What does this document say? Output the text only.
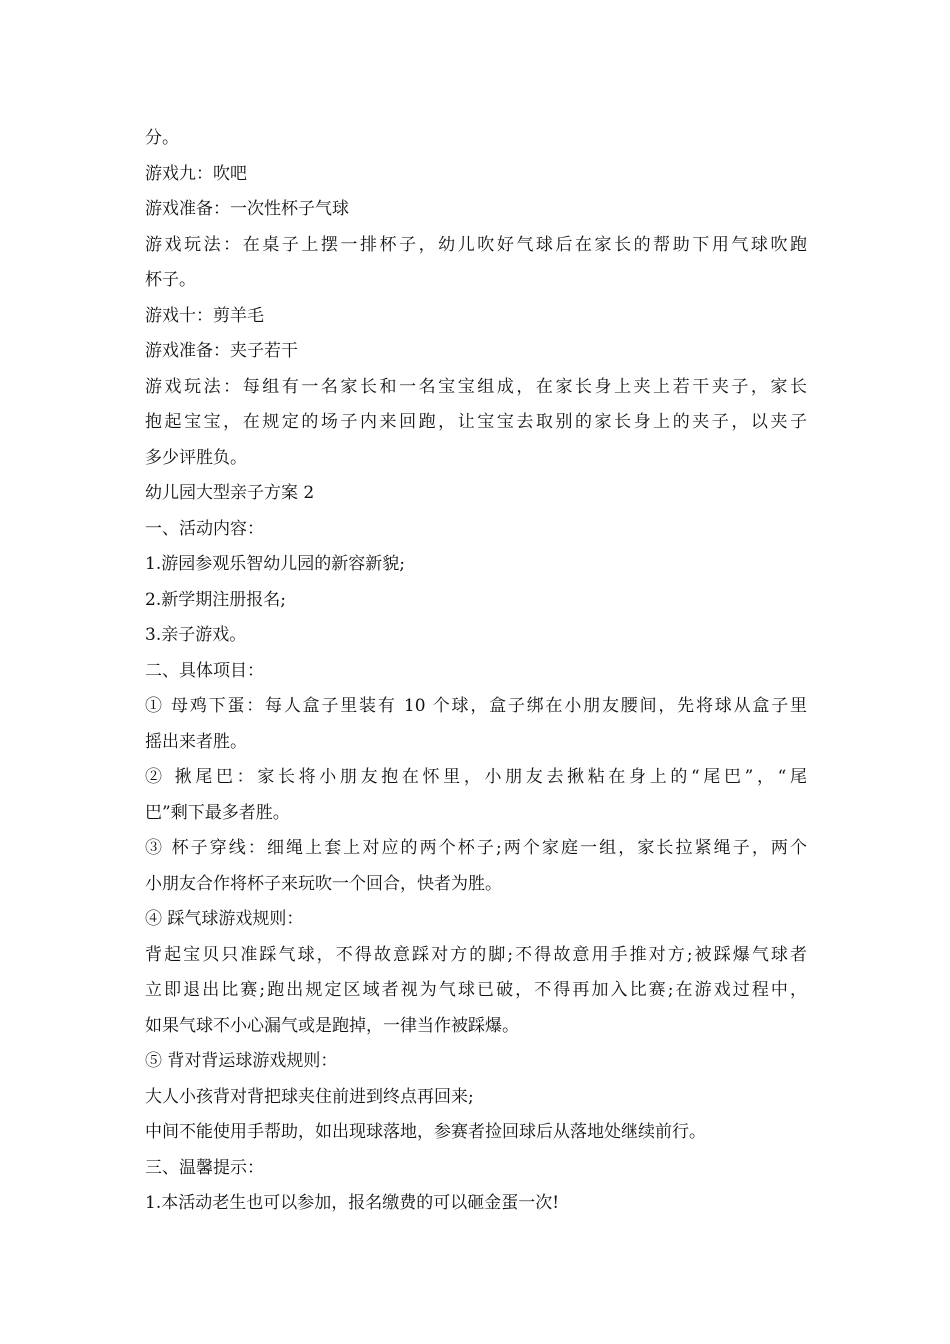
分。

游戏九：吹吧

游戏准备：一次性杯子气球

游戏玩法：在桌子上摆一排杯子，幼儿吹好气球后在家长的帮助下用气球吹跑

杯子。

游戏十：剪羊毛

游戏准备：夹子若干

游戏玩法：每组有一名家长和一名宝宝组成，在家长身上夹上若干夹子，家长

抱起宝宝，在规定的场子内来回跑，让宝宝去取别的家长身上的夹子，以夹子

多少评胜负。

幼儿园大型亲子方案 2

一、活动内容：

1.游园参观乐智幼儿园的新容新貌;

2.新学期注册报名;

3.亲子游戏。

二、具体项目：

① 母鸡下蛋：每人盒子里装有 10 个球，盒子绑在小朋友腰间，先将球从盒子里

摇出来者胜。

② 揪尾巴：家长将小朋友抱在怀里，小朋友去揪粘在身上的“尾巴”，“尾

巴”剩下最多者胜。

③ 杯子穿线：细绳上套上对应的两个杯子;两个家庭一组，家长拉紧绳子，两个

小朋友合作将杯子来玩吹一个回合，快者为胜。

④ 踩气球游戏规则：

背起宝贝只准踩气球，不得故意踩对方的脚;不得故意用手推对方;被踩爆气球者

立即退出比赛;跑出规定区域者视为气球已破，不得再加入比赛;在游戏过程中，

如果气球不小心漏气或是跑掉，一律当作被踩爆。

⑤ 背对背运球游戏规则：

大人小孩背对背把球夹住前进到终点再回来;

中间不能使用手帮助，如出现球落地，参赛者捡回球后从落地处继续前行。

三、温馨提示：

1.本活动老生也可以参加，报名缴费的可以砸金蛋一次!
